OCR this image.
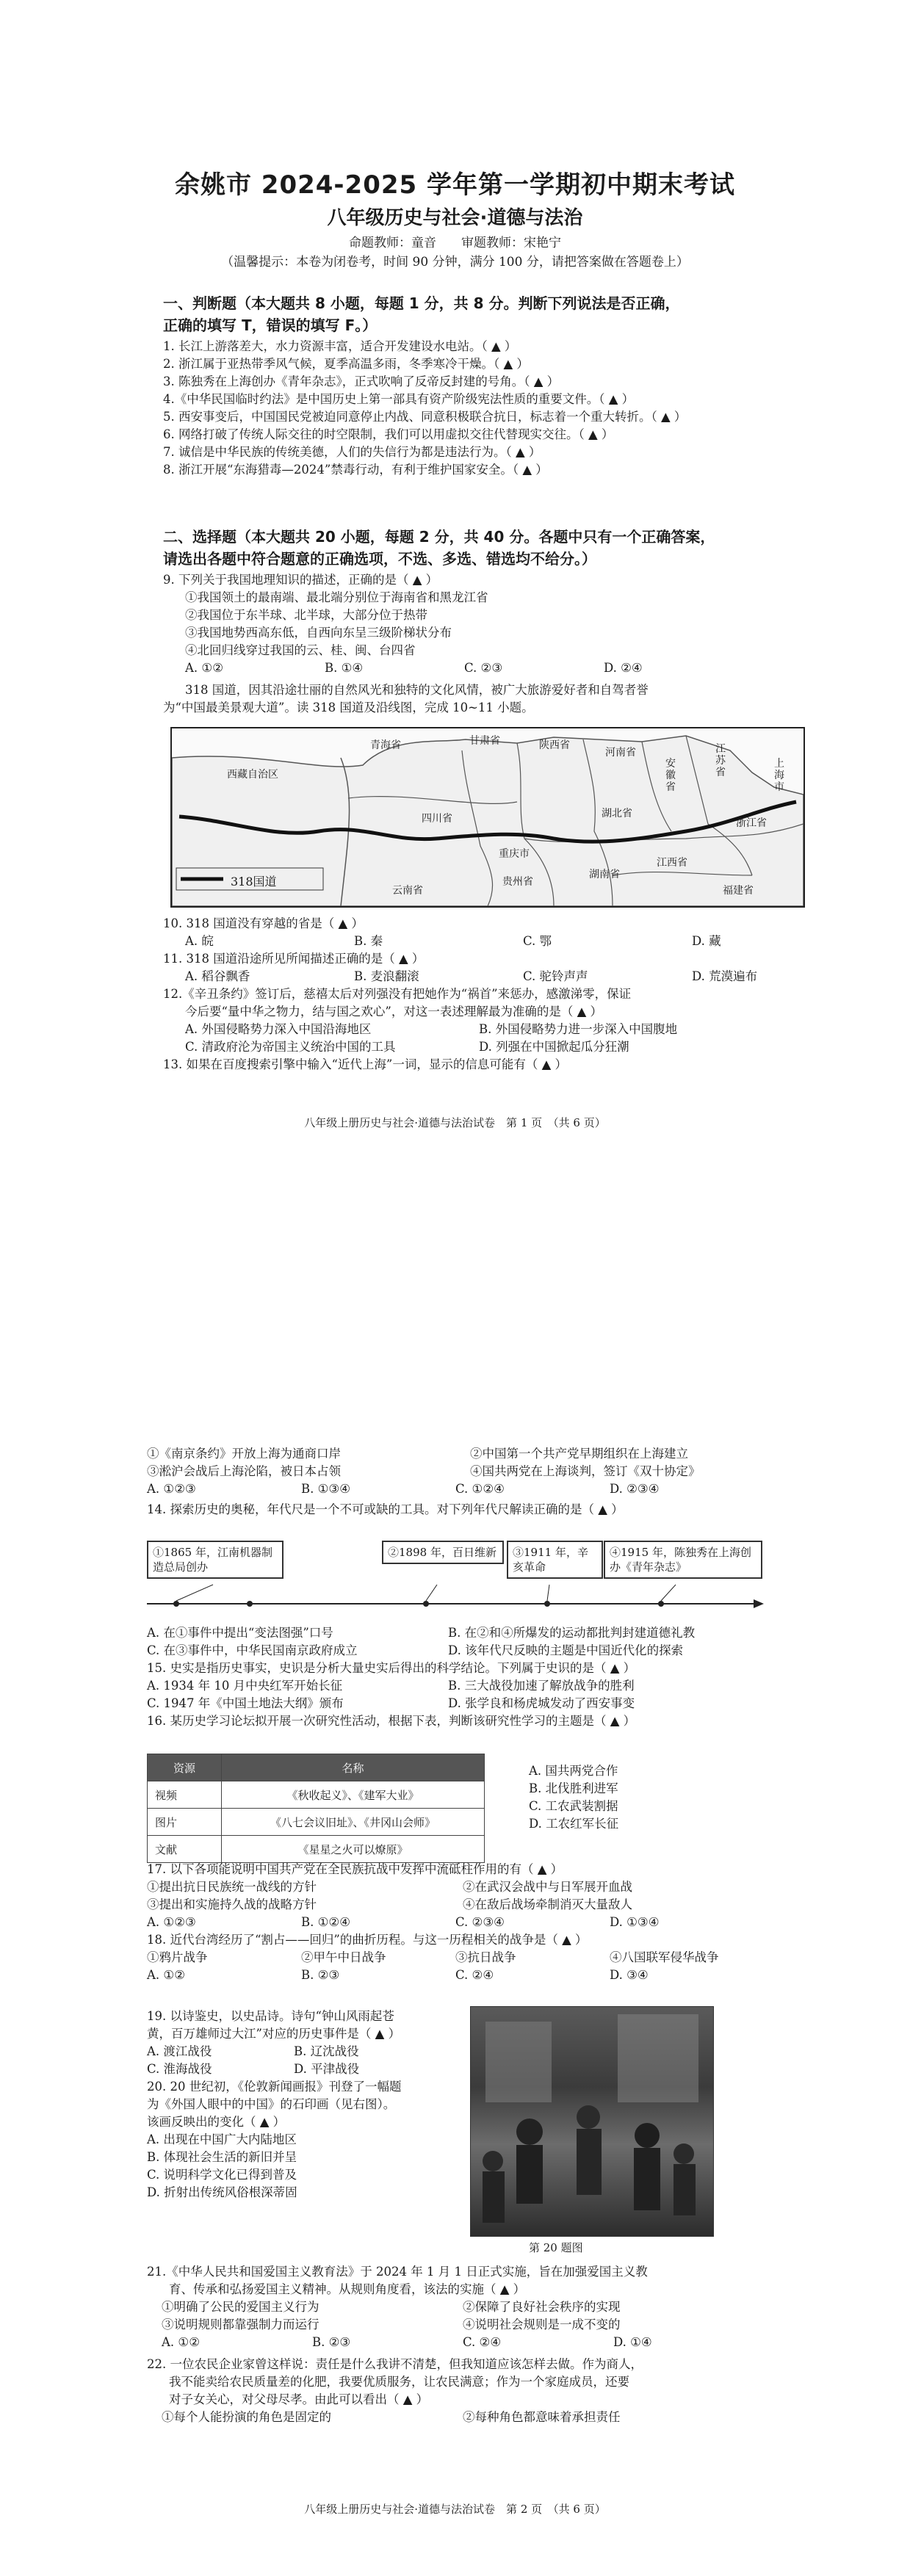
余姚市 2024-2025 学年第一学期初中期末考试
八年级历史与社会·道德与法治
命题教师：童音　　审题教师：宋艳宁
（温馨提示：本卷为闭卷考，时间 90 分钟，满分 100 分，请把答案做在答题卷上）
一、判断题（本大题共 8 小题，每题 1 分，共 8 分。判断下列说法是否正确，
正确的填写 T，错误的填写 F。）
1. 长江上游落差大，水力资源丰富，适合开发建设水电站。（ ▲ ）
2. 浙江属于亚热带季风气候，夏季高温多雨，冬季寒冷干燥。（ ▲ ）
3. 陈独秀在上海创办《青年杂志》，正式吹响了反帝反封建的号角。（ ▲ ）
4.《中华民国临时约法》是中国历史上第一部具有资产阶级宪法性质的重要文件。（ ▲ ）
5. 西安事变后，中国国民党被迫同意停止内战、同意积极联合抗日，标志着一个重大转折。（ ▲ ）
6. 网络打破了传统人际交往的时空限制，我们可以用虚拟交往代替现实交往。（ ▲ ）
7. 诚信是中华民族的传统美德，人们的失信行为都是违法行为。（ ▲ ）
8. 浙江开展“东海猎毒—2024”禁毒行动，有利于维护国家安全。（ ▲ ）
二、选择题（本大题共 20 小题，每题 2 分，共 40 分。各题中只有一个正确答案，
请选出各题中符合题意的正确选项，不选、多选、错选均不给分。）
9. 下列关于我国地理知识的描述，正确的是（ ▲ ）
①我国领土的最南端、最北端分别位于海南省和黑龙江省
②我国位于东半球、北半球，大部分位于热带
③我国地势西高东低，自西向东呈三级阶梯状分布
④北回归线穿过我国的云、桂、闽、台四省
A. ①②	B. ①④	C. ②③	D. ②④
318 国道，因其沿途壮丽的自然风光和独特的文化风情，被广大旅游爱好者和自驾者誉
为“中国最美景观大道”。读 318 国道及沿线图，完成 10~11 小题。
青海省	甘肃省	陕西省
河南省
安徽省
江苏省
上海市
西藏自治区
四川省	湖北省
重庆市
浙江省
湖南省
江西省
贵州省
云南省	福建省
318国道
10. 318 国道没有穿越的省是（ ▲ ）
A. 皖	B. 秦	C. 鄂	D. 藏
11. 318 国道沿途所见所闻描述正确的是（ ▲ ）
A. 稻谷飘香	B. 麦浪翻滚	C. 驼铃声声	D. 荒漠遍布
12.《辛丑条约》签订后，慈禧太后对列强没有把她作为“祸首”来惩办，感激涕零，保证
今后要“量中华之物力，结与国之欢心”，对这一表述理解最为准确的是（ ▲ ）
A. 外国侵略势力深入中国沿海地区	B. 外国侵略势力进一步深入中国腹地
C. 清政府沦为帝国主义统治中国的工具	D. 列强在中国掀起瓜分狂潮
13. 如果在百度搜索引擎中输入“近代上海”一词，显示的信息可能有（ ▲ ）
八年级上册历史与社会·道德与法治试卷　第 1 页　（共 6 页）
①《南京条约》开放上海为通商口岸	②中国第一个共产党早期组织在上海建立
③淞沪会战后上海沦陷，被日本占领	④国共两党在上海谈判，签订《双十协定》
A. ①②③	B. ①③④	C. ①②④	D. ②③④
14. 探索历史的奥秘，年代尺是一个不可或缺的工具。对下列年代尺解读正确的是（ ▲ ）
①1865 年，江南机器制造总局创办
②1898 年，百日维新	③1911 年，辛亥革命
④1915 年，陈独秀在上海创办《青年杂志》
A. 在①事件中提出“变法图强”口号	B. 在②和④所爆发的运动都批判封建道德礼教
C. 在③事件中，中华民国南京政府成立	D. 该年代尺反映的主题是中国近代化的探索
15. 史实是指历史事实，史识是分析大量史实后得出的科学结论。下列属于史识的是（ ▲ ）
A. 1934 年 10 月中央红军开始长征	B. 三大战役加速了解放战争的胜利
C. 1947 年《中国土地法大纲》颁布	D. 张学良和杨虎城发动了西安事变
16. 某历史学习论坛拟开展一次研究性活动，根据下表，判断该研究性学习的主题是（ ▲ ）
资源	名称
视频	《秋收起义》、《建军大业》
图片	《八七会议旧址》、《井冈山会师》
文献	《星星之火可以燎原》
A. 国共两党合作
B. 北伐胜利进军
C. 工农武装割据
D. 工农红军长征
17. 以下各项能说明中国共产党在全民族抗战中发挥中流砥柱作用的有（ ▲ ）
①提出抗日民族统一战线的方针	②在武汉会战中与日军展开血战
③提出和实施持久战的战略方针	④在敌后战场牵制消灭大量敌人
A. ①②③	B. ①②④	C. ②③④	D. ①③④
18. 近代台湾经历了“割占——回归”的曲折历程。与这一历程相关的战争是（ ▲ ）
①鸦片战争	②甲午中日战争	③抗日战争	④八国联军侵华战争
A. ①②	B. ②③	C. ②④	D. ③④
19. 以诗鉴史，以史品诗。诗句“钟山风雨起苍
黄，百万雄师过大江”对应的历史事件是（ ▲ ）
A. 渡江战役	B. 辽沈战役
C. 淮海战役	D. 平津战役
20. 20 世纪初，《伦敦新闻画报》刊登了一幅题
为《外国人眼中的中国》的石印画（见右图）。
该画反映出的变化（ ▲ ）
A. 出现在中国广大内陆地区
B. 体现社会生活的新旧并呈
C. 说明科学文化已得到普及
D. 折射出传统风俗根深蒂固
第 20 题图
21.《中华人民共和国爱国主义教育法》于 2024 年 1 月 1 日正式实施，旨在加强爱国主义教
育、传承和弘扬爱国主义精神。从规则角度看，该法的实施（ ▲ ）
①明确了公民的爱国主义行为	②保障了良好社会秩序的实现
③说明规则都靠强制力而运行	④说明社会规则是一成不变的
A. ①②	B. ②③	C. ②④	D. ①④
22. 一位农民企业家曾这样说：责任是什么我讲不清楚，但我知道应该怎样去做。作为商人，
我不能卖给农民质量差的化肥，我要优质服务，让农民满意；作为一个家庭成员，还要
对子女关心，对父母尽孝。由此可以看出（ ▲ ）
①每个人能扮演的角色是固定的	②每种角色都意味着承担责任
八年级上册历史与社会·道德与法治试卷　第 2 页　（共 6 页）
